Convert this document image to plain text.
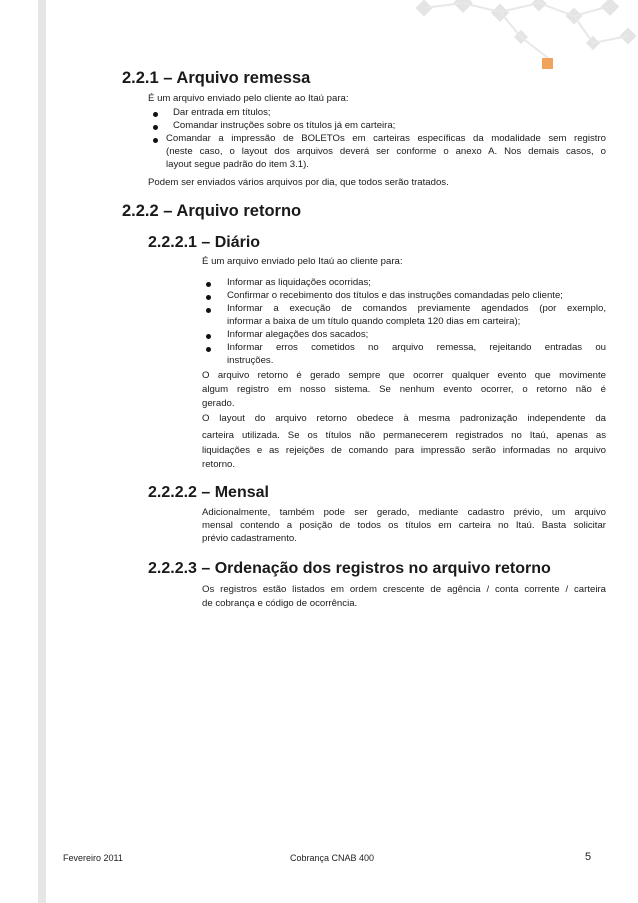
2.2.1 – Arquivo remessa
É um arquivo enviado pelo cliente ao Itaú para:
Dar entrada em títulos;
Comandar instruções sobre os títulos já em carteira;
Comandar a impressão de BOLETOs em carteiras específicas da modalidade sem registro
(neste caso, o layout dos arquivos deverá ser conforme o anexo A. Nos demais casos, o
layout segue padrão do item 3.1).
Podem ser enviados vários arquivos por dia, que todos serão tratados.
2.2.2 – Arquivo retorno
2.2.2.1 – Diário
É um arquivo enviado pelo Itaú ao cliente para:
Informar as liquidações ocorridas;
Confirmar o recebimento dos títulos e das instruções comandadas pelo cliente;
Informar a execução de comandos previamente agendados (por exemplo,
informar a baixa de um título quando completa 120 dias em carteira);
Informar alegações dos sacados;
Informar erros cometidos no arquivo remessa, rejeitando entradas ou
instruções.
O arquivo retorno é gerado sempre que ocorrer qualquer evento que movimente
algum registro em nosso sistema. Se nenhum evento ocorrer, o retorno não é
gerado.
O layout do arquivo retorno obedece à mesma padronização independente da
carteira utilizada. Se os títulos não permanecerem registrados no Itaú, apenas as
liquidações e as rejeições de comando para impressão serão informadas no arquivo
retorno.
2.2.2.2 – Mensal
Adicionalmente, também pode ser gerado, mediante cadastro prévio, um arquivo
mensal contendo a posição de todos os títulos em carteira no Itaú. Basta solicitar
prévio cadastramento.
2.2.2.3 – Ordenação dos registros no arquivo retorno
Os registros estão listados em ordem crescente de agência / conta corrente / carteira
de cobrança e código de ocorrência.
Fevereiro 2011	Cobrança CNAB 400	5
